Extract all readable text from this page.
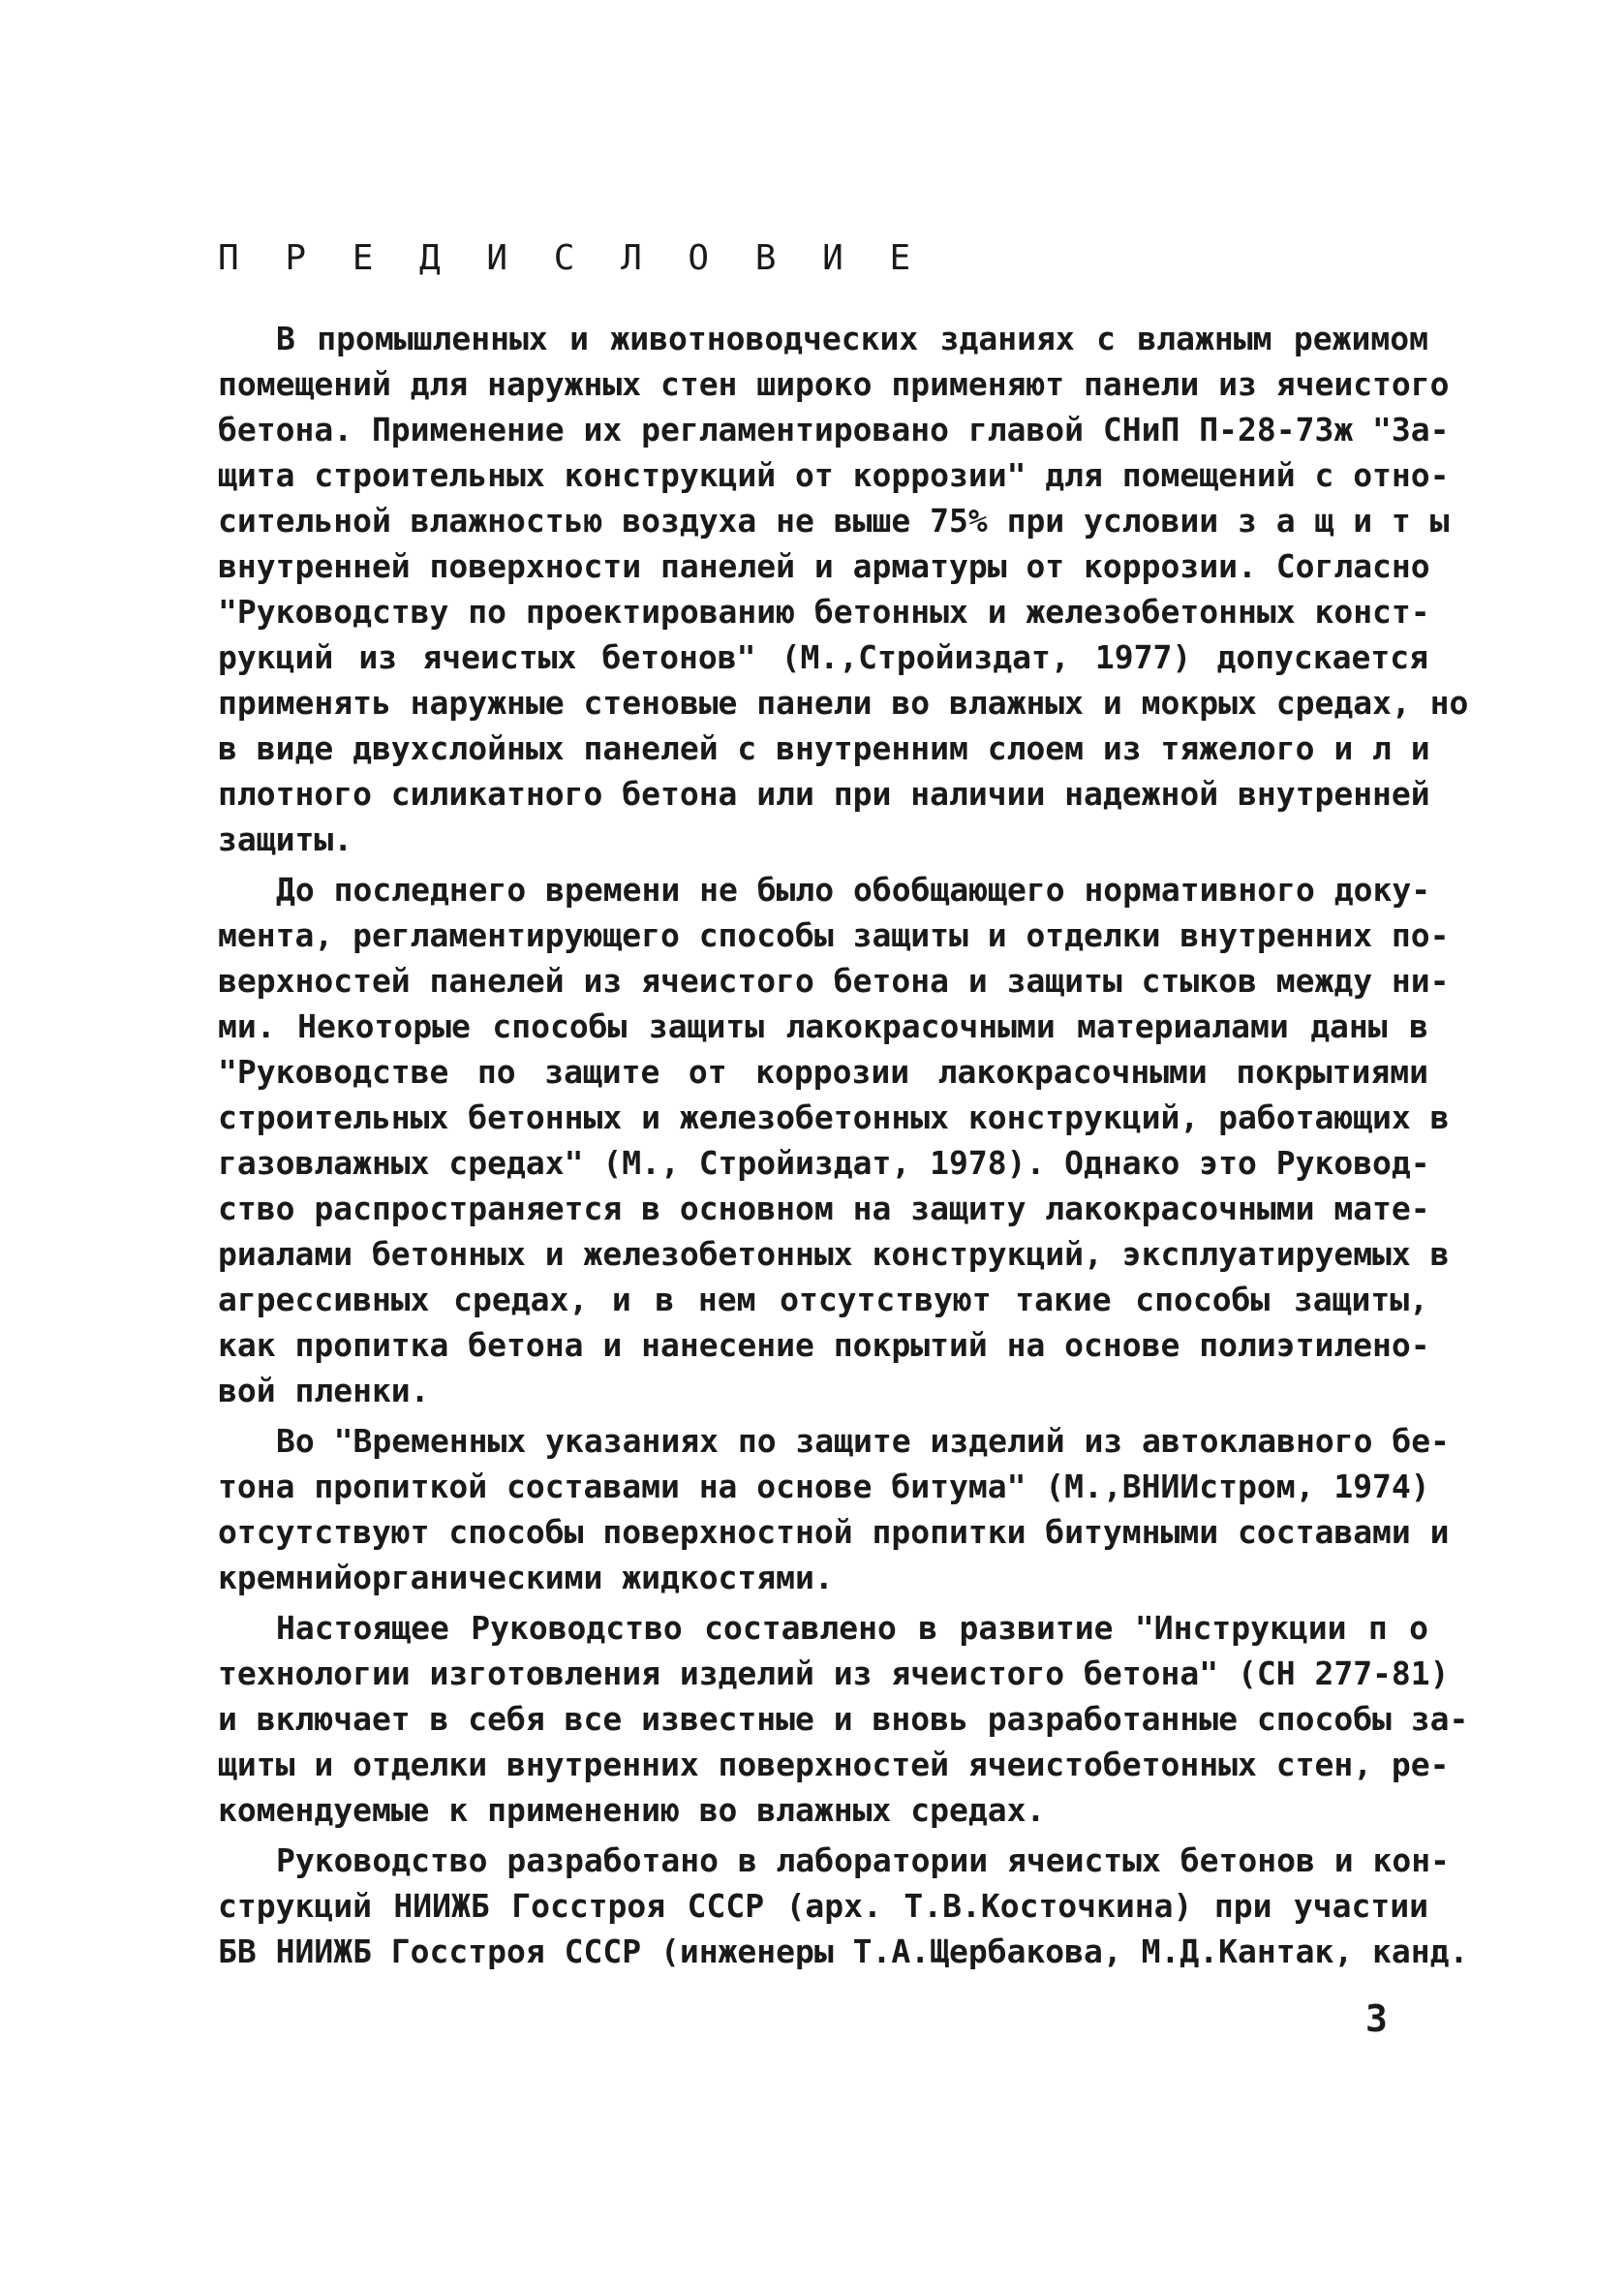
П Р Е Д И С Л О В И Е
В промышленных и животноводческих зданиях с влажным режимом
помещений для наружных стен широко применяют панели из ячеистого
бетона. Применение их регламентировано главой СНиП П-28-73ж "За-
щита строительных конструкций от коррозии" для помещений с отно-
сительной влажностью воздуха не выше 75% при условии з а щ и т ы
внутренней поверхности панелей и арматуры от коррозии. Согласно
"Руководству по проектированию бетонных и железобетонных конст-
рукций из ячеистых бетонов" (М.,Стройиздат, 1977) допускается
применять наружные стеновые панели во влажных и мокрых средах, но
в виде двухслойных панелей с внутренним слоем из тяжелого и л и
плотного силикатного бетона или при наличии надежной внутренней
защиты.
До последнего времени не было обобщающего нормативного доку-
мента, регламентирующего способы защиты и отделки внутренних по-
верхностей панелей из ячеистого бетона и защиты стыков между ни-
ми. Некоторые способы защиты лакокрасочными материалами даны в
"Руководстве по защите от коррозии лакокрасочными покрытиями
строительных бетонных и железобетонных конструкций, работающих в
газовлажных средах" (М., Стройиздат, 1978). Однако это Руковод-
ство распространяется в основном на защиту лакокрасочными мате-
риалами бетонных и железобетонных конструкций, эксплуатируемых в
агрессивных средах, и в нем отсутствуют такие способы защиты,
как пропитка бетона и нанесение покрытий на основе полиэтилено-
вой пленки.
Во "Временных указаниях по защите изделий из автоклавного бе-
тона пропиткой составами на основе битума" (М.,ВНИИстром, 1974)
отсутствуют способы поверхностной пропитки битумными составами и
кремнийорганическими жидкостями.
Настоящее Руководство составлено в развитие "Инструкции п о
технологии изготовления изделий из ячеистого бетона" (СН 277-81)
и включает в себя все известные и вновь разработанные способы за-
щиты и отделки внутренних поверхностей ячеистобетонных стен, ре-
комендуемые к применению во влажных средах.
Руководство разработано в лаборатории ячеистых бетонов и кон-
струкций НИИЖБ Госстроя СССР (арх. Т.В.Косточкина) при участии
БВ НИИЖБ Госстроя СССР (инженеры Т.А.Щербакова, М.Д.Кантак, канд.
3
